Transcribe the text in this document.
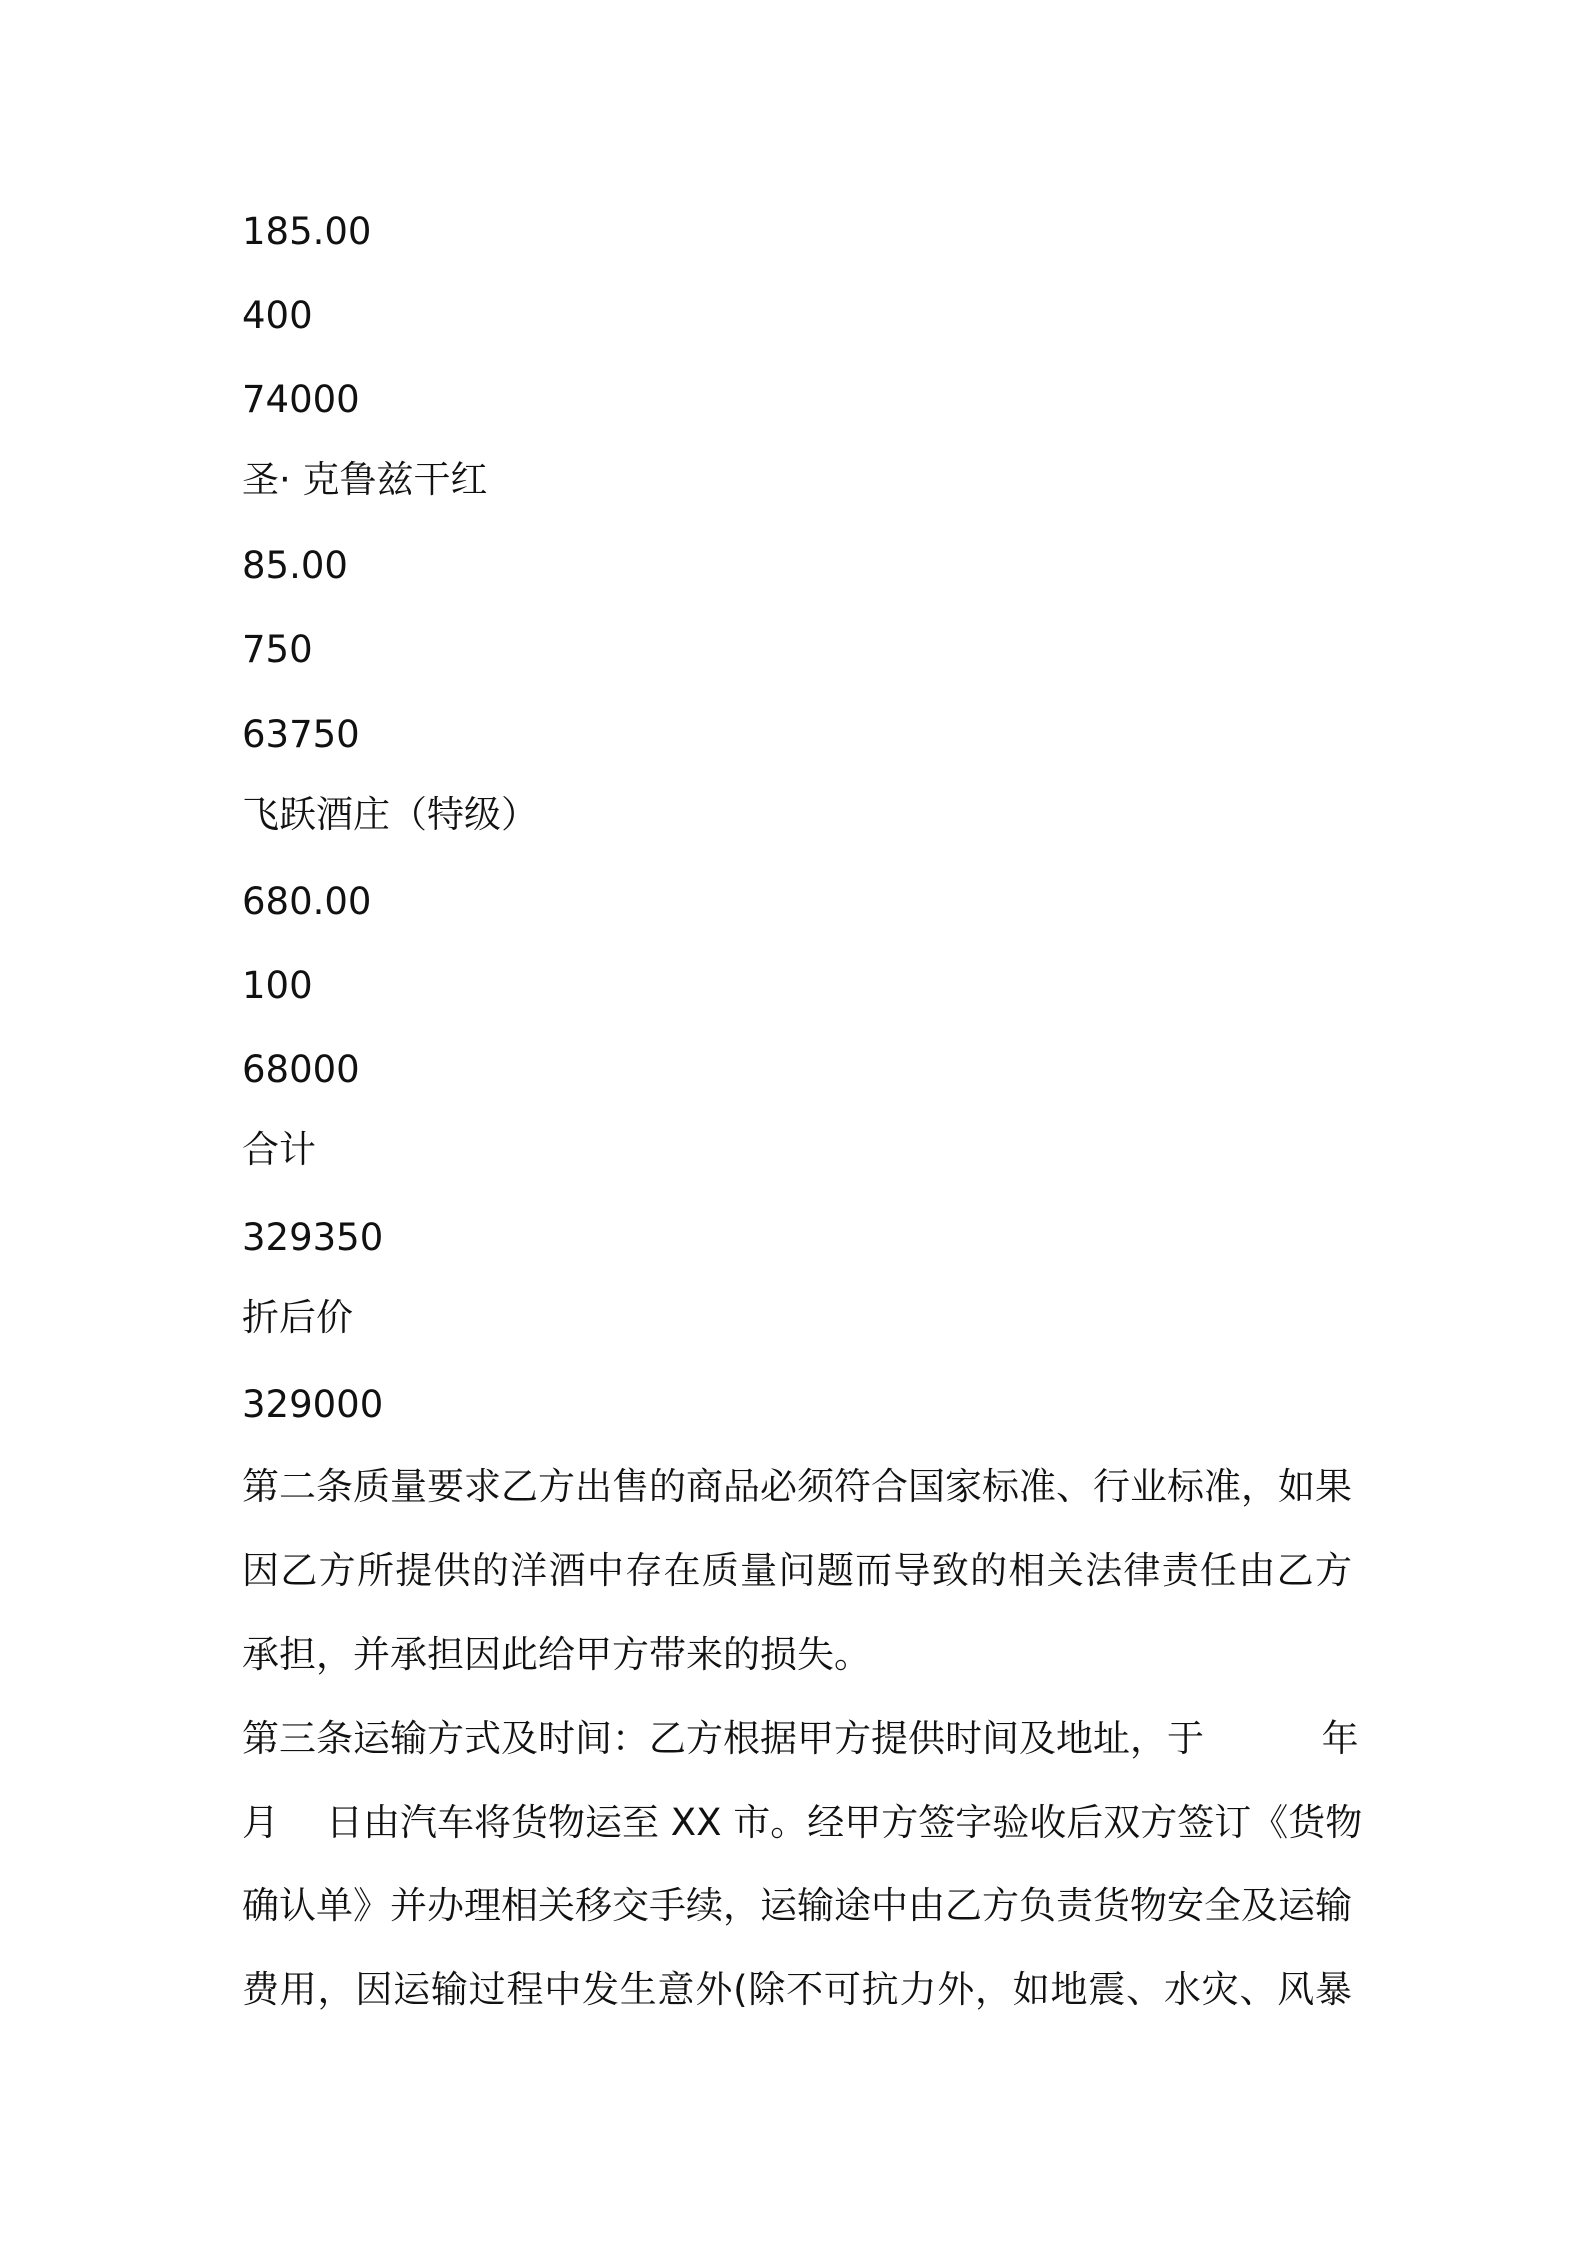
185.00
400
74000
圣· 克鲁兹干红
85.00
750
63750
飞跃酒庄（特级）
680.00
100
68000
合计
329350
折后价
329000
第二条质量要求乙方出售的商品必须符合国家标准、行业标准，如果
因乙方所提供的洋酒中存在质量问题而导致的相关法律责任由乙方
承担，并承担因此给甲方带来的损失。
第三条运输方式及时间：乙方根据甲方提供时间及地址，于          年
月    日由汽车将货物运至 XX 市。经甲方签字验收后双方签订《货物
确认单》并办理相关移交手续，运输途中由乙方负责货物安全及运输
费用，因运输过程中发生意外(除不可抗力外，如地震、水灾、风暴
